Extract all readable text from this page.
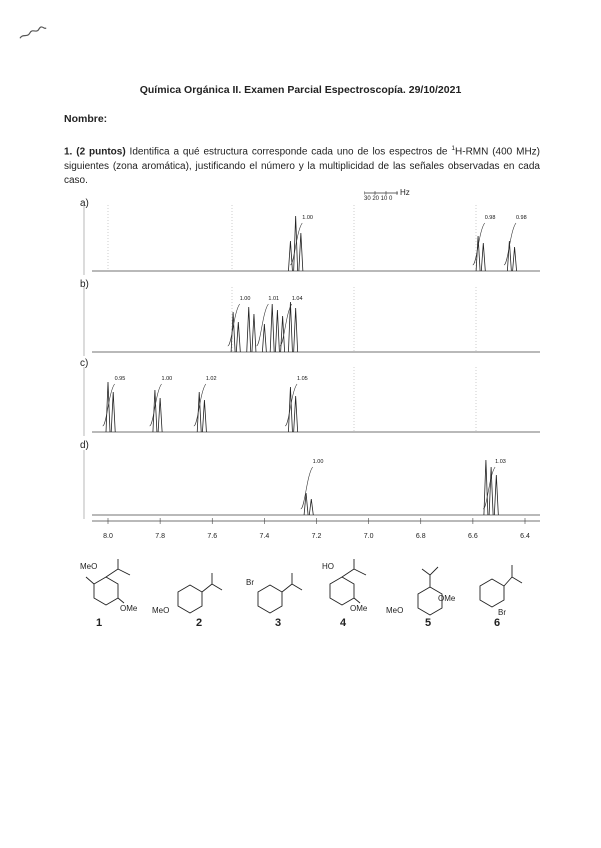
Química Orgánica II. Examen Parcial Espectroscopía. 29/10/2021
Nombre:
1. (2 puntos) Identifica a qué estructura corresponde cada uno de los espectros de $^1$H-RMN (400 MHz) siguientes (zona aromática), justificando el número y la multiplicidad de las señales observadas en cada caso.
30 20 10 0
Hz
a)
b)
c)
d)
1.00	0.98	0.98
1.00	1.01 1.04
0.95	1.00	1.02	1.05
1.00	1.03
8.0	7.8	7.6	7.4	7.2	7.0	6.8	6.6	6.4
MeO
OMe MeO
Br
HO
OMe MeO
OMe
Br
1	2	3	4	5	6
